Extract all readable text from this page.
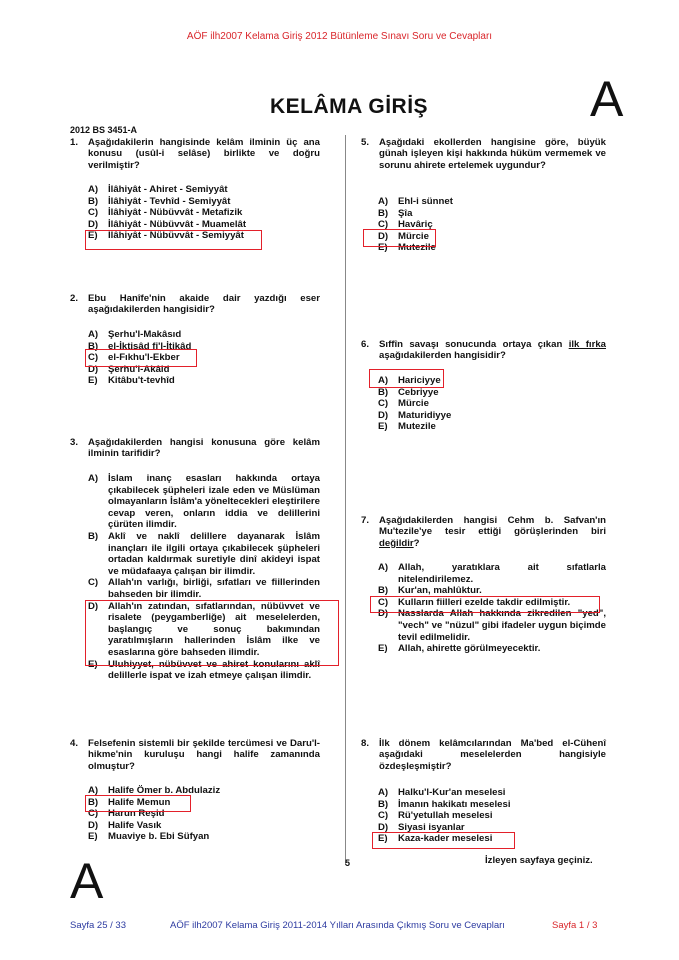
AÖF ilh2007 Kelama Giriş 2012 Bütünleme Sınavı Soru ve Cevapları
KELÂMA GİRİŞ	A
2012 BS 3451-A
1. Aşağıdakilerin hangisinde kelâm ilminin üç ana konusu (usûl-i selâse) birlikte ve doğru verilmiştir?
A) İlâhiyât - Ahiret - Semiyyât
B) İlâhiyât - Tevhîd - Semiyyât
C) İlâhiyât - Nübüvvât - Metafizik
D) İlâhiyât - Nübüvvât - Muamelât
E) İlâhiyât - Nübüvvât - Semiyyât
2. Ebu Hanîfe'nin akaide dair yazdığı eser aşağıdakilerden hangisidir?
A) Şerhu'l-Makâsıd
B) el-İktisâd fi'l-İtikâd
C) el-Fıkhu'l-Ekber
D) Şerhu'l-Akâid
E) Kitâbu't-tevhîd
3. Aşağıdakilerden hangisi konusuna göre kelâm ilminin tarifidir?
A) İslam inanç esasları hakkında ortaya çıkabilecek şüpheleri izale eden ve Müslüman olmayanların İslâm'a yöneltecekleri eleştirilere cevap veren, onların iddia ve delillerini çürüten ilimdir.
B) Aklî ve naklî delillere dayanarak İslâm inançları ile ilgili ortaya çıkabilecek şüpheleri ortadan kaldırmak suretiyle dinî akîdeyi ispat ve müdafaaya çalışan bir ilimdir.
C) Allah'ın varlığı, birliği, sıfatları ve fiillerinden bahseden bir ilimdir.
D) Allah'ın zatından, sıfatlarından, nübüvvet ve risalete (peygamberliğe) ait meselelerden, başlangıç ve sonuç bakımından yaratılmışların hallerinden İslâm ilke ve esaslarına göre bahseden ilimdir.
E) Uluhiyyet, nübüvvet ve ahiret konularını aklî delillerle ispat ve izah etmeye çalışan ilimdir.
4. Felsefenin sistemli bir şekilde tercümesi ve Daru'l-hikme'nin kuruluşu hangi halife zamanında olmuştur?
A) Halife Ömer b. Abdulaziz
B) Halife Memun
C) Harun Reşid
D) Halife Vasık
E) Muaviye b. Ebi Süfyan
5. Aşağıdaki ekollerden hangisine göre, büyük günah işleyen kişi hakkında hüküm vermemek ve sorunu ahirete ertelemek uygundur?
A) Ehl-i sünnet
B) Şîa
C) Havâriç
D) Mürcie
E) Mutezile
6. Sıffîn savaşı sonucunda ortaya çıkan ilk fırka aşağıdakilerden hangisidir?
A) Hariciyye
B) Cebriyye
C) Mürcie
D) Maturidiyye
E) Mutezile
7. Aşağıdakilerden hangisi Cehm b. Safvan'ın Mu'tezile'ye tesir ettiği görüşlerinden biri değildir?
A) Allah, yaratıklara ait sıfatlarla nitelendirilemez.
B) Kur'an, mahlûktur.
C) Kulların fiilleri ezelde takdir edilmiştir.
D) Nasslarda Allah hakkında zikredilen "yed", "vech" ve "nüzul" gibi ifadeler uygun biçimde tevil edilmelidir.
E) Allah, ahirette görülmeyecektir.
8. İlk dönem kelâmcılarından Ma'bed el-Cühenî aşağıdaki meselelerden hangisiyle özdeşleşmiştir?
A) Halku'l-Kur'an meselesi
B) İmanın hakikatı meselesi
C) Rü'yetullah meselesi
D) Siyasi isyanlar
E) Kaza-kader meselesi
5	İzleyen sayfaya geçiniz.
A
Sayfa 25 / 33	AÖF ilh2007 Kelama Giriş 2011-2014 Yılları Arasında Çıkmış Soru ve Cevapları	Sayfa 1 / 3
